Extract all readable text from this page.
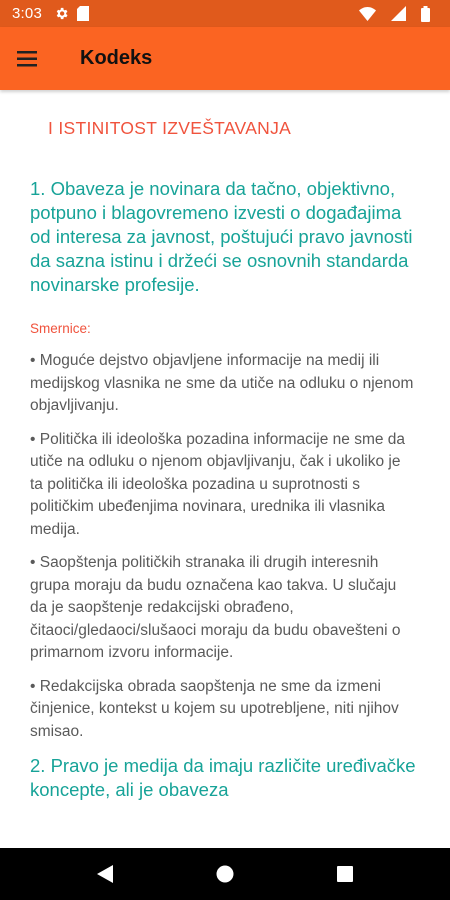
3:03
Kodeks
I ISTINITOST IZVEŠTAVANJA
1. Obaveza je novinara da tačno, objektivno, potpuno i blagovremeno izvesti o događajima od interesa za javnost, poštujući pravo javnosti da sazna istinu i držeći se osnovnih standarda novinarske profesije.
Smernice:

• Moguće dejstvo objavljene informacije na medij ili medijskog vlasnika ne sme da utiče na odluku o njenom objavljivanju.

• Politička ili ideološka pozadina informacije ne sme da utiče na odluku o njenom objavljivanju, čak i ukoliko je ta politička ili ideološka pozadina u suprotnosti s političkim ubeđenjima novinara, urednika ili vlasnika medija.

• Saopštenja političkih stranaka ili drugih interesnih grupa moraju da budu označena kao takva. U slučaju da je saopštenje redakcijski obrađeno, čitaoci/gledaoci/slušaoci moraju da budu obavešteni o primarnom izvoru informacije.

• Redakcijska obrada saopštenja ne sme da izmeni činjenice, kontekst u kojem su upotrebljene, niti njihov smisao.

2. Pravo je medija da imaju različite uređivačke koncepte, ali je obaveza
